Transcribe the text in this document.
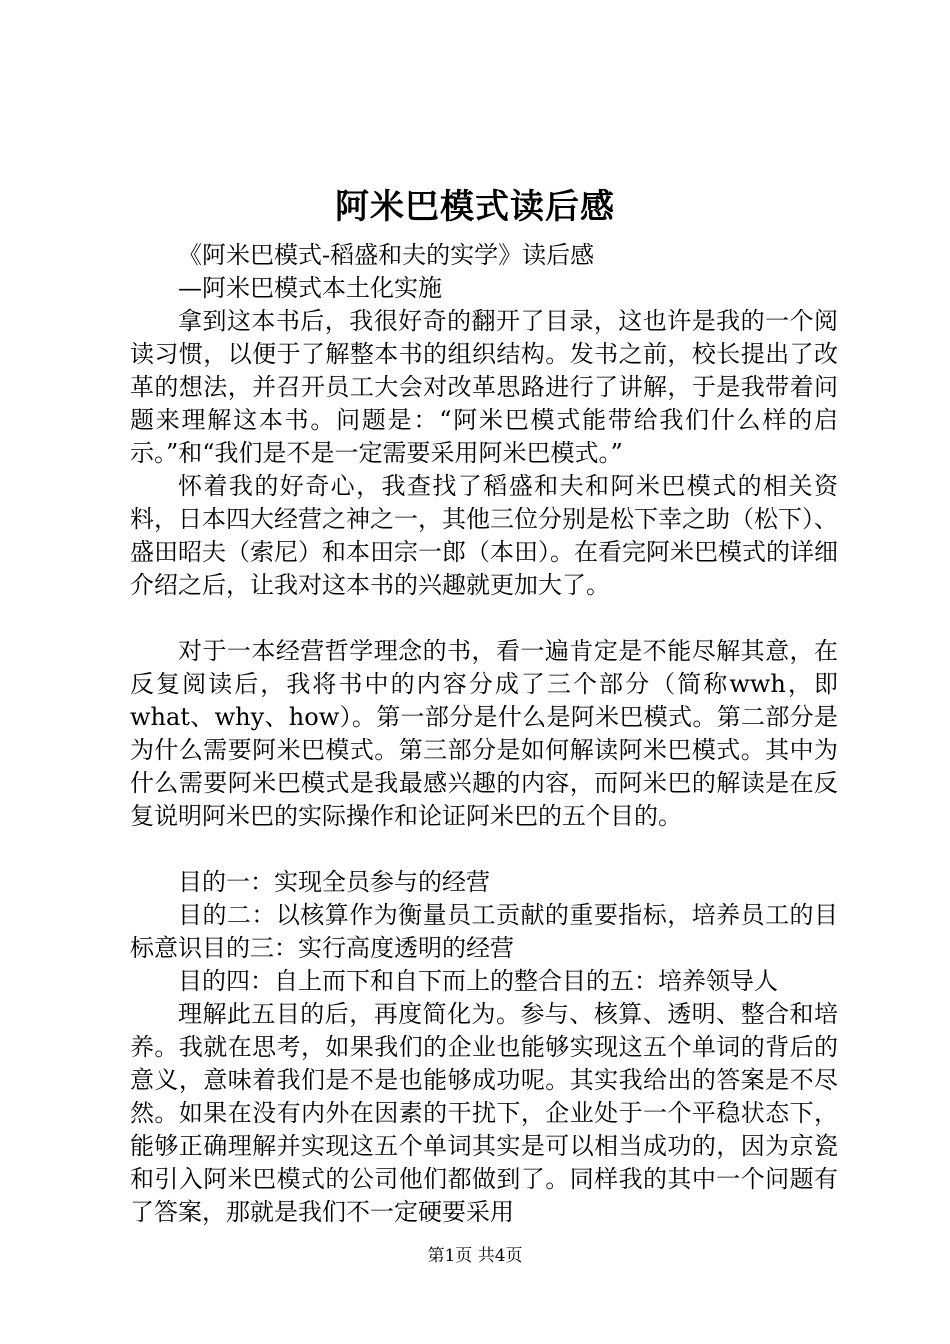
阿米巴模式读后感

《阿米巴模式-稻盛和夫的实学》读后感

—阿米巴模式本土化实施

拿到这本书后，我很好奇的翻开了目录，这也许是我的一个阅读习惯，以便于了解整本书的组织结构。发书之前，校长提出了改革的想法，并召开员工大会对改革思路进行了讲解，于是我带着问题来理解这本书。问题是：“阿米巴模式能带给我们什么样的启示。”和“我们是不是一定需要采用阿米巴模式。”

怀着我的好奇心，我查找了稻盛和夫和阿米巴模式的相关资料，日本四大经营之神之一，其他三位分别是松下幸之助（松下）、盛田昭夫（索尼）和本田宗一郎（本田）。在看完阿米巴模式的详细介绍之后，让我对这本书的兴趣就更加大了。

对于一本经营哲学理念的书，看一遍肯定是不能尽解其意，在反复阅读后，我将书中的内容分成了三个部分（简称wwh，即what、why、how）。第一部分是什么是阿米巴模式。第二部分是为什么需要阿米巴模式。第三部分是如何解读阿米巴模式。其中为什么需要阿米巴模式是我最感兴趣的内容，而阿米巴的解读是在反复说明阿米巴的实际操作和论证阿米巴的五个目的。

目的一：实现全员参与的经营

目的二：以核算作为衡量员工贡献的重要指标，培养员工的目标意识目的三：实行高度透明的经营

目的四：自上而下和自下而上的整合目的五：培养领导人

理解此五目的后，再度简化为。参与、核算、透明、整合和培养。我就在思考，如果我们的企业也能够实现这五个单词的背后的意义，意味着我们是不是也能够成功呢。其实我给出的答案是不尽然。如果在没有内外在因素的干扰下，企业处于一个平稳状态下，能够正确理解并实现这五个单词其实是可以相当成功的，因为京瓷和引入阿米巴模式的公司他们都做到了。同样我的其中一个问题有了答案，那就是我们不一定硬要采用

第1页 共4页
